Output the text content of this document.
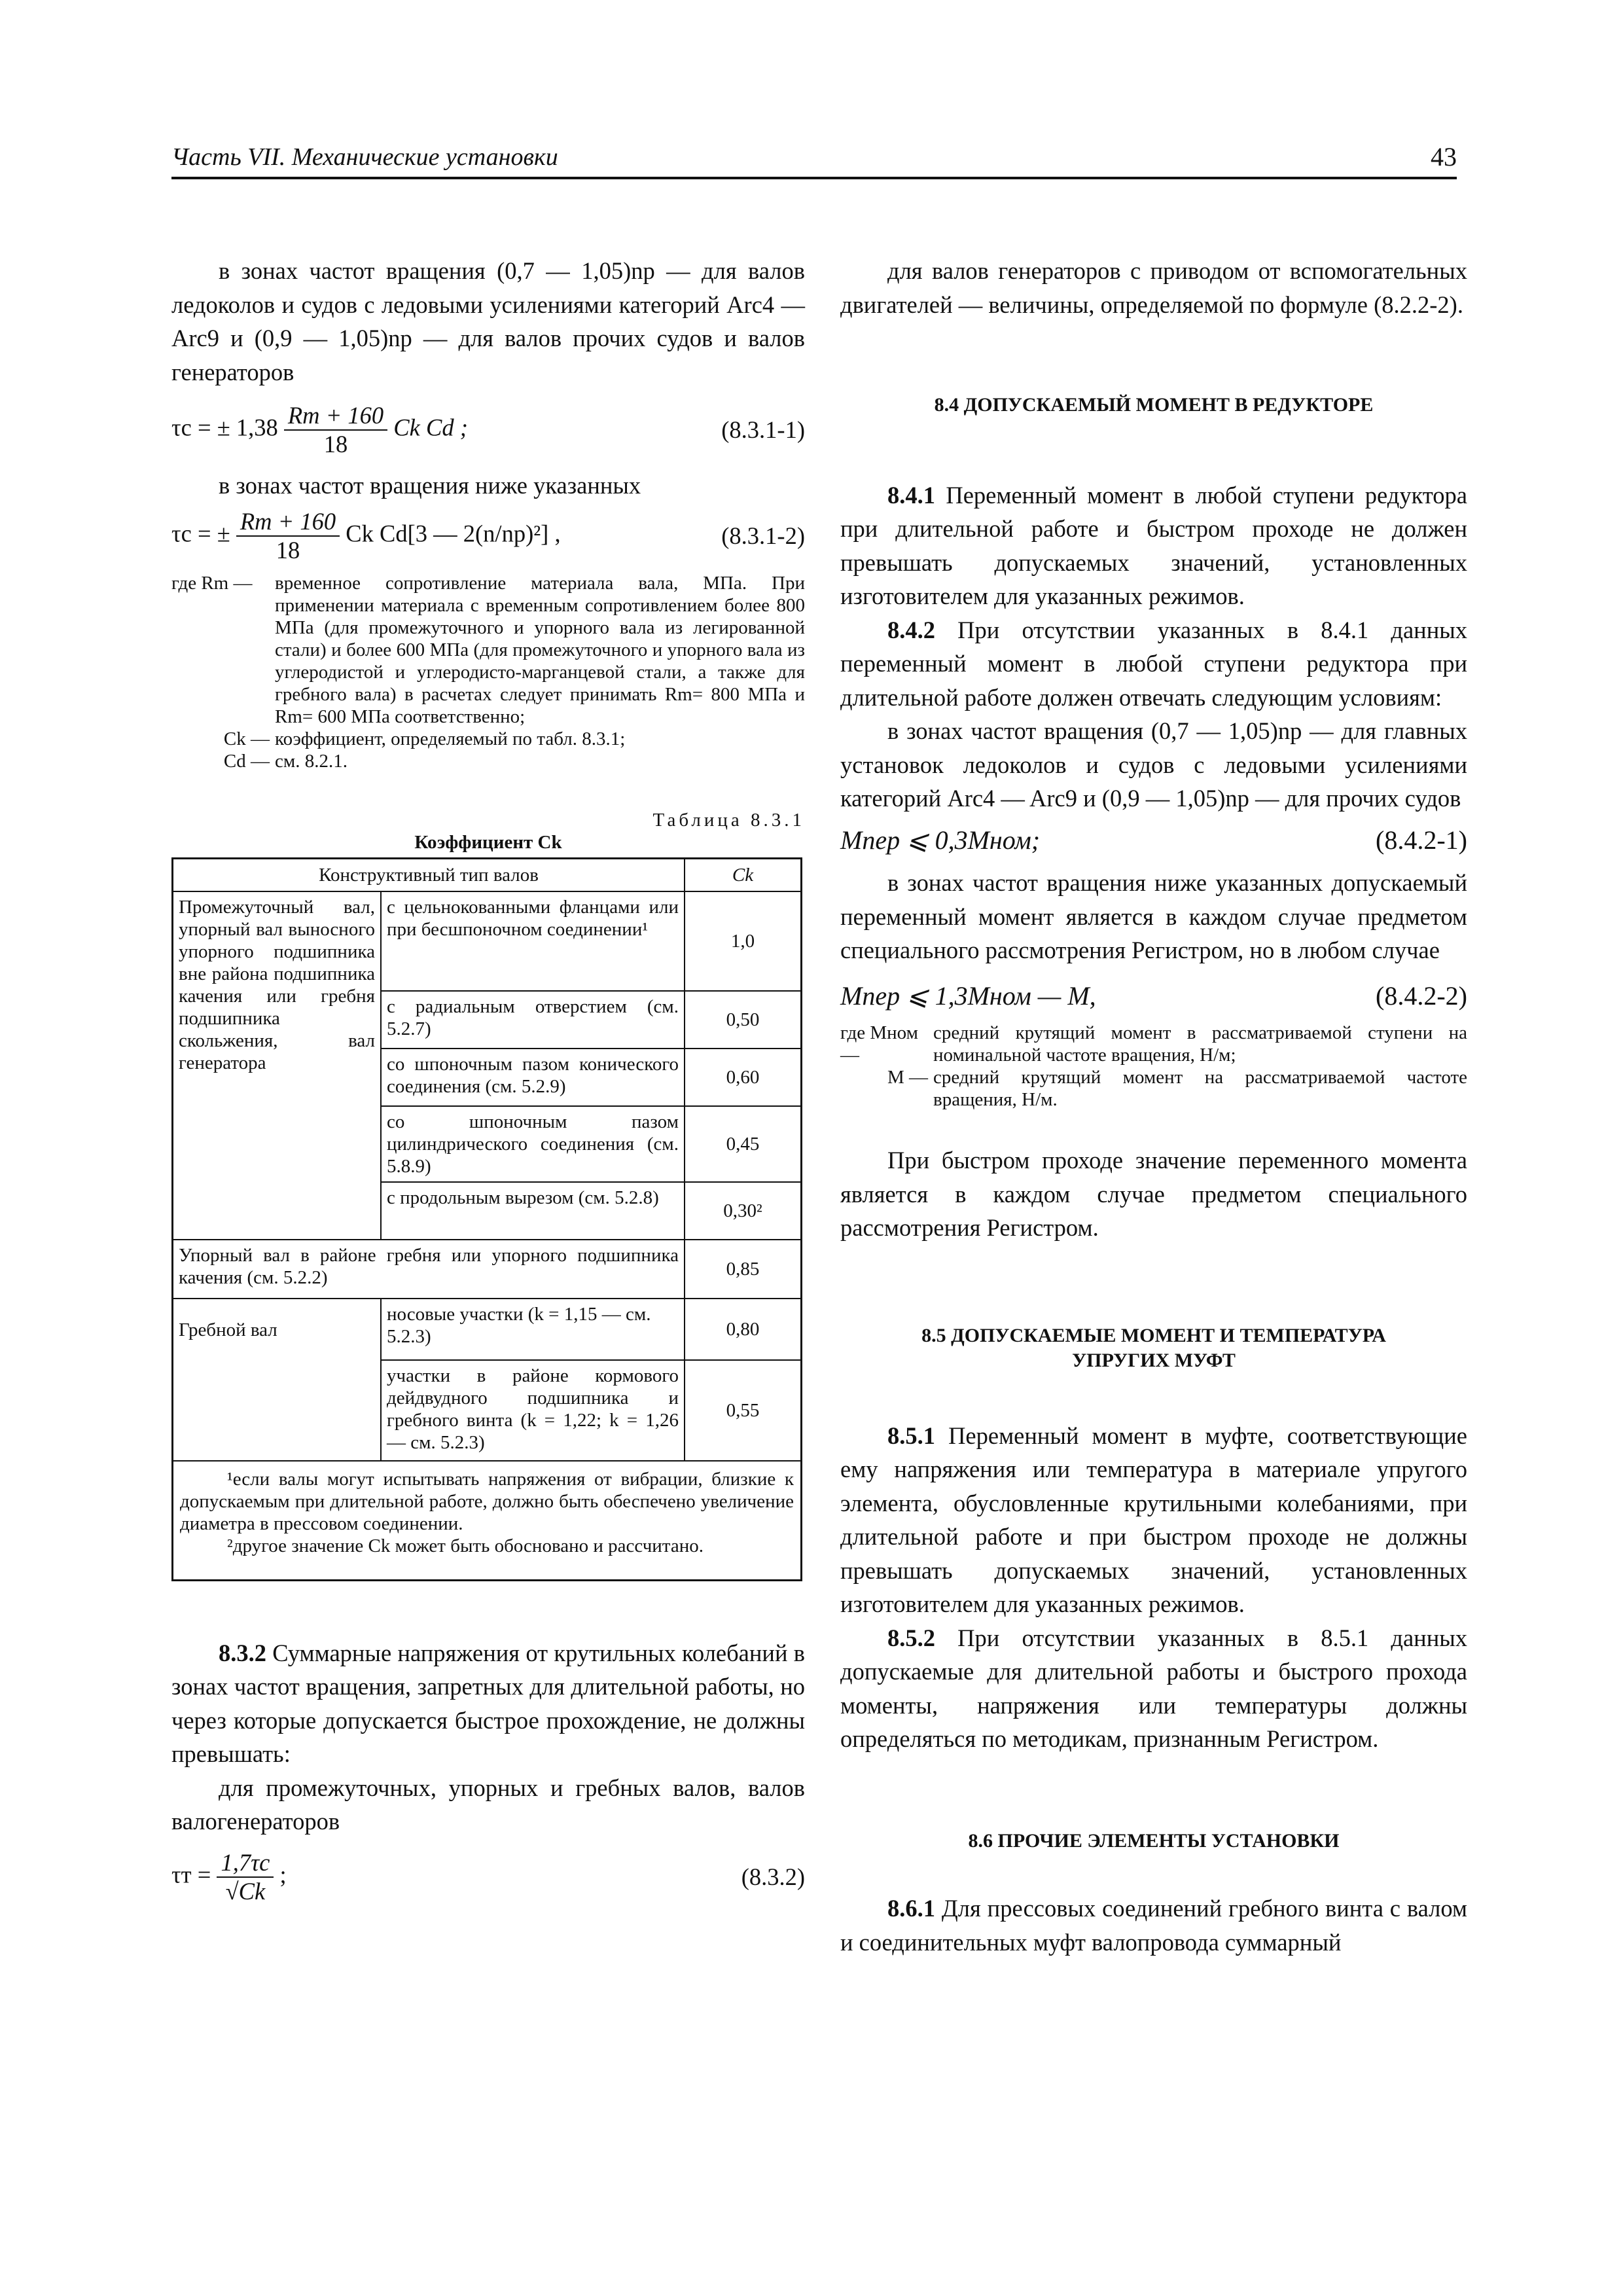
Часть VII. Механические установки	43

в зонах частот вращения (0,7 — 1,05)nр — для валов ледоколов и судов с ледовыми усилениями категорий Arc4 — Arc9 и (0,9 — 1,05)nр — для валов прочих судов и валов генераторов

τс = ± $1,38 \frac{Rm + 160}{18}$ Ck Cd ;	(8.3.1-1)

в зонах частот вращения ниже указанных

τс = ± $\frac{Rm + 160}{18}$ Ck Cd[3 — 2(n/nр)²] ,	(8.3.1-2)
где Rm —	временное сопротивление материала вала, МПа. При применении материала с временным сопротивлением более 800 МПа (для промежуточного и упорного вала из легированной стали) и более 600 МПа (для промежуточного и упорного вала из углеродистой и углеродисто-марганцевой стали, а также для гребного вала) в расчетах следует принимать Rm= 800 МПа и Rm= 600 МПа соответственно;
Ck — коэффициент, определяемый по табл. 8.3.1;
Cd — см. 8.2.1.
Таблица 8.3.1
Коэффициент Ck
Конструктивный тип валов		Ck
Промежуточный вал, упорный вал выносного упорного подшипника вне района подшипника качения или гребня подшипника скольжения, вал генератора	с цельнокованными фланцами или при бесшпоночном соединении¹	1,0
	с радиальным отверстием (см. 5.2.7)	0,50
	со шпоночным пазом конического соединения (см. 5.2.9)	0,60
	со шпоночным пазом цилиндрического соединения (см. 5.8.9)	0,45
	с продольным вырезом (см. 5.2.8)	0,30²
Упорный вал в районе гребня или упорного подшипника качения (см. 5.2.2)		0,85
Гребной вал	носовые участки (k = 1,15 — см. 5.2.3)	0,80
	участки в районе кормового дейдвудного подшипника и гребного винта (k = 1,22; k = 1,26 — см. 5.2.3)	0,55

¹если валы могут испытывать напряжения от вибрации, близкие к допускаемым при длительной работе, должно быть обеспечено увеличение диаметра в прессовом соединении.
²другое значение Ck может быть обосновано и рассчитано.		

8.3.2 Суммарные напряжения от крутильных колебаний в зонах частот вращения, запретных для длительной работы, но через которые допускается быстрое прохождение, не должны превышать:

для промежуточных, упорных и гребных валов, валов валогенераторов

$\tau т = \frac{1,7\tau с}{√Ck}$ ;	(8.3.2)

для валов генераторов с приводом от вспомогательных двигателей — величины, определяемой по формуле (8.2.2-2).

8.4 ДОПУСКАЕМЫЙ МОМЕНТ В РЕДУКТОРЕ

8.4.1 Переменный момент в любой ступени редуктора при длительной работе и быстром проходе не должен превышать допускаемых значений, установленных изготовителем для указанных режимов.

8.4.2 При отсутствии указанных в 8.4.1 данных переменный момент в любой ступени редуктора при длительной работе должен отвечать следующим условиям:

в зонах частот вращения (0,7 — 1,05)nр — для главных установок ледоколов и судов с ледовыми усилениями категорий Arc4 — Arc9 и (0,9 — 1,05)nр — для прочих судов

Mпер ⩽ 0,3Mном;	(8.4.2-1)

в зонах частот вращения ниже указанных допускаемый переменный момент является в каждом случае предметом специального рассмотрения Регистром, но в любом случае

Mпер ⩽ 1,3Mном — M,	(8.4.2-2)
где Mном —
средний крутящий момент в рассматриваемой ступени на номинальной частоте вращения, Н/м;
M — средний крутящий момент на рассматриваемой частоте вращения, Н/м.

При быстром проходе значение переменного момента является в каждом случае предметом специального рассмотрения Регистром.

8.5 ДОПУСКАЕМЫЕ МОМЕНТ И ТЕМПЕРАТУРА
УПРУГИХ МУФТ

8.5.1 Переменный момент в муфте, соответствующие ему напряжения или температура в материале упругого элемента, обусловленные крутильными колебаниями, при длительной работе и при быстром проходе не должны превышать допускаемых значений, установленных изготовителем для указанных режимов.

8.5.2 При отсутствии указанных в 8.5.1 данных допускаемые для длительной работы и быстрого прохода моменты, напряжения или температуры должны определяться по методикам, признанным Регистром.

8.6 ПРОЧИЕ ЭЛЕМЕНТЫ УСТАНОВКИ

8.6.1 Для прессовых соединений гребного винта с валом и соединительных муфт валопровода суммарный
